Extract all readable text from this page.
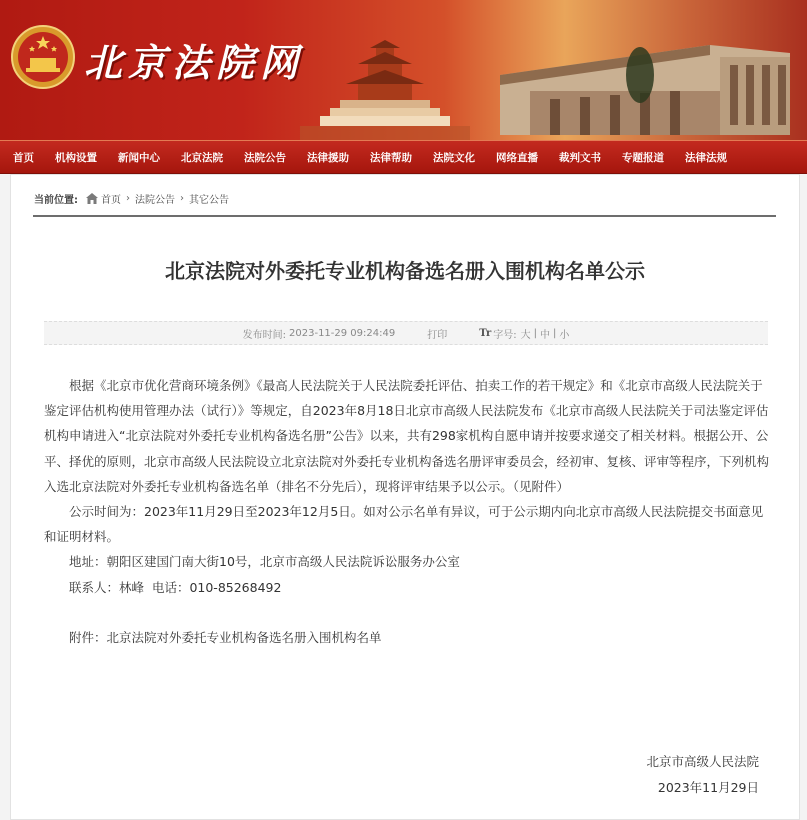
北京法院网
首页 机构设置 新闻中心 北京法院 法院公告 法律援助 法律帮助 法院文化 网络直播 裁判文书 专题报道 法律法规
当前位置: 首页 › 法院公告 › 其它公告
北京法院对外委托专业机构备选名册入围机构名单公示
发布时间: 2023-11-29 09:24:49	打印	Tr 字号: 大 | 中 | 小

根据《北京市优化营商环境条例》《最高人民法院关于人民法院委托评估、拍卖工作的若干规定》和《北京市高级人民法院关于鉴定评估机构使用管理办法（试行）》等规定，自2023年8月18日北京市高级人民法院发布《北京市高级人民法院关于司法鉴定评估机构申请进入“北京法院对外委托专业机构备选名册”公告》以来，共有298家机构自愿申请并按要求递交了相关材料。根据公开、公平、择优的原则，北京市高级人民法院设立北京法院对外委托专业机构备选名册评审委员会，经初审、复核、评审等程序，下列机构入选北京法院对外委托专业机构备选名单（排名不分先后），现将评审结果予以公示。（见附件）

公示时间为：2023年11月29日至2023年12月5日。如对公示名单有异议，可于公示期内向北京市高级人民法院提交书面意见和证明材料。

地址：朝阳区建国门南大街10号，北京市高级人民法院诉讼服务办公室

联系人：林峰  电话：010-85268492

附件：北京法院对外委托专业机构备选名册入围机构名单

北京市高级人民法院
2023年11月29日
